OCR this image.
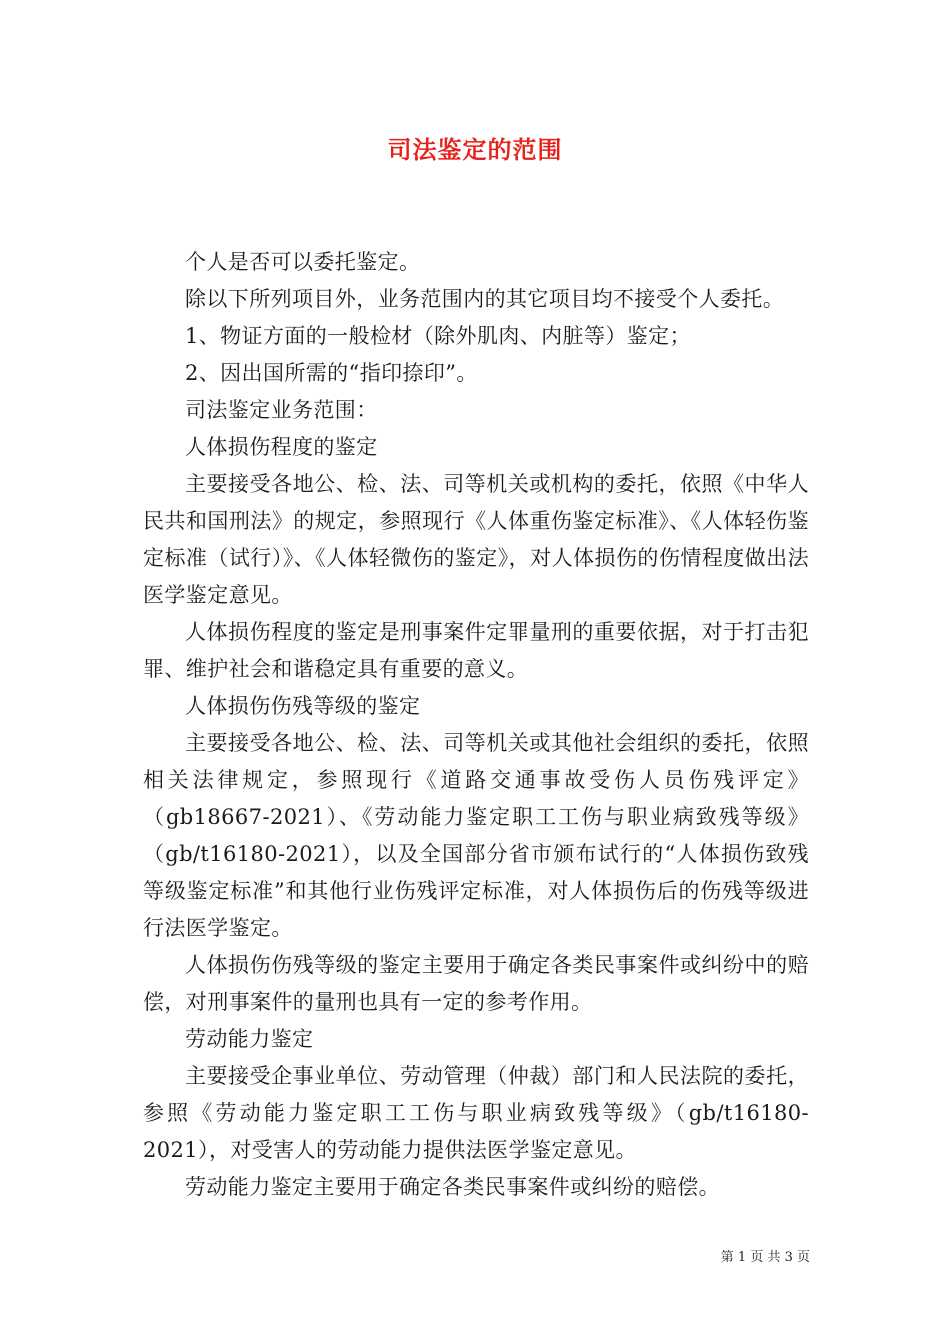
司法鉴定的范围

个人是否可以委托鉴定。

除以下所列项目外，业务范围内的其它项目均不接受个人委托。

1、物证方面的一般检材（除外肌肉、内脏等）鉴定；

2、因出国所需的“指印捺印”。

司法鉴定业务范围：

人体损伤程度的鉴定

主要接受各地公、检、法、司等机关或机构的委托，依照《中华人民共和国刑法》的规定，参照现行《人体重伤鉴定标准》、《人体轻伤鉴定标准（试行）》、《人体轻微伤的鉴定》，对人体损伤的伤情程度做出法医学鉴定意见。

人体损伤程度的鉴定是刑事案件定罪量刑的重要依据，对于打击犯罪、维护社会和谐稳定具有重要的意义。

人体损伤伤残等级的鉴定

主要接受各地公、检、法、司等机关或其他社会组织的委托，依照相关法律规定，参照现行《道路交通事故受伤人员伤残评定》（gb18667-2021）、《劳动能力鉴定职工工伤与职业病致残等级》（gb/t16180-2021），以及全国部分省市颁布试行的“人体损伤致残等级鉴定标准”和其他行业伤残评定标准，对人体损伤后的伤残等级进行法医学鉴定。

人体损伤伤残等级的鉴定主要用于确定各类民事案件或纠纷中的赔偿，对刑事案件的量刑也具有一定的参考作用。

劳动能力鉴定

主要接受企事业单位、劳动管理（仲裁）部门和人民法院的委托，参照《劳动能力鉴定职工工伤与职业病致残等级》（gb/t16180-2021），对受害人的劳动能力提供法医学鉴定意见。

劳动能力鉴定主要用于确定各类民事案件或纠纷的赔偿。

第 1 页 共 3 页
